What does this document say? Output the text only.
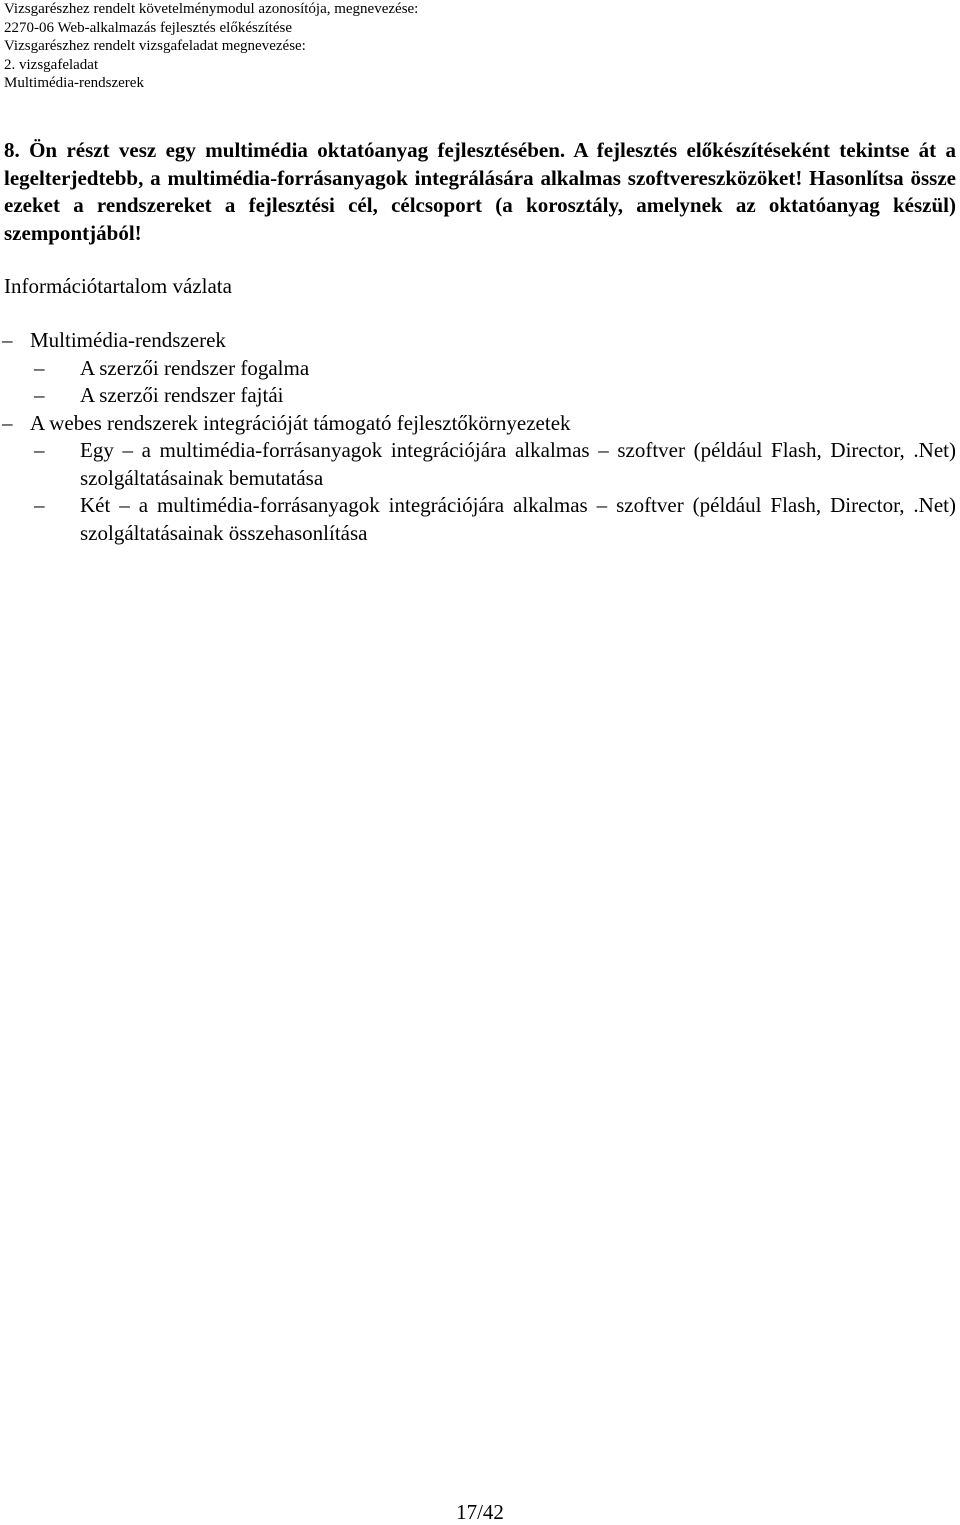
Vizsgarészhez rendelt követelménymodul azonosítója, megnevezése:
2270-06 Web-alkalmazás fejlesztés előkészítése
Vizsgarészhez rendelt vizsgafeladat megnevezése:
2. vizsgafeladat
Multimédia-rendszerek
8. Ön részt vesz egy multimédia oktatóanyag fejlesztésében. A fejlesztés előkészítéseként tekintse át a legelterjedtebb, a multimédia-forrásanyagok integrálására alkalmas szoftvereszközöket! Hasonlítsa össze ezeket a rendszereket a fejlesztési cél, célcsoport (a korosztály, amelynek az oktatóanyag készül) szempontjából!
Információtartalom vázlata
– Multimédia-rendszerek
– A szerzői rendszer fogalma
– A szerzői rendszer fajtái
– A webes rendszerek integrációját támogató fejlesztőkörnyezetek
– Egy – a multimédia-forrásanyagok integrációjára alkalmas – szoftver (például Flash, Director, .Net) szolgáltatásainak bemutatása
– Két – a multimédia-forrásanyagok integrációjára alkalmas – szoftver (például Flash, Director, .Net) szolgáltatásainak összehasonlítása
17/42
